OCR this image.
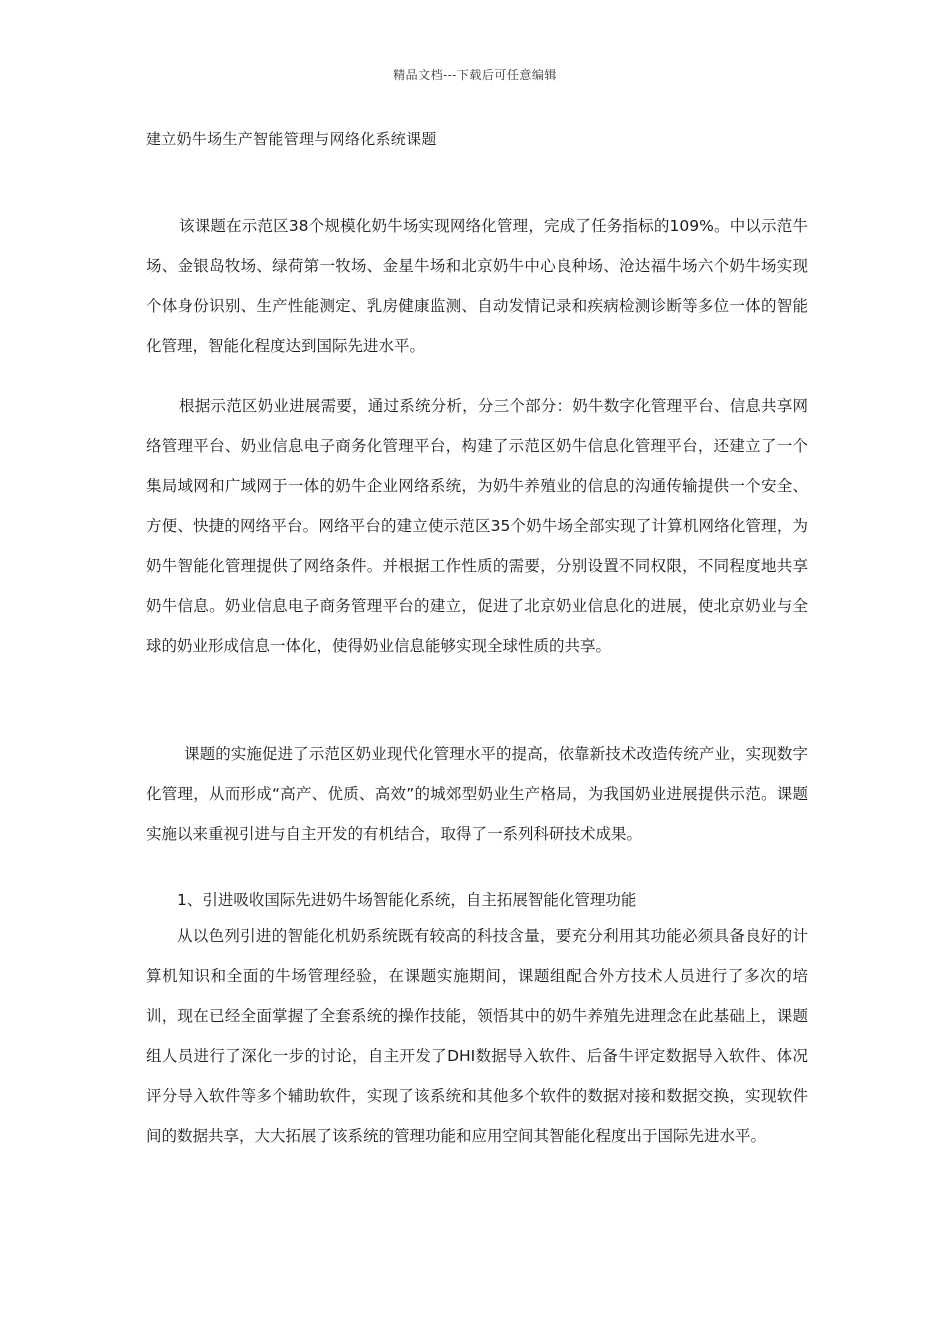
精品文档---下载后可任意编辑
建立奶牛场生产智能管理与网络化系统课题

该课题在示范区38个规模化奶牛场实现网络化管理，完成了任务指标的109%。中以示范牛场、金银岛牧场、绿荷第一牧场、金星牛场和北京奶牛中心良种场、沧达福牛场六个奶牛场实现个体身份识别、生产性能测定、乳房健康监测、自动发情记录和疾病检测诊断等多位一体的智能化管理，智能化程度达到国际先进水平。

根据示范区奶业进展需要，通过系统分析，分三个部分：奶牛数字化管理平台、信息共享网络管理平台、奶业信息电子商务化管理平台，构建了示范区奶牛信息化管理平台，还建立了一个集局域网和广域网于一体的奶牛企业网络系统，为奶牛养殖业的信息的沟通传输提供一个安全、方便、快捷的网络平台。网络平台的建立使示范区35个奶牛场全部实现了计算机网络化管理，为奶牛智能化管理提供了网络条件。并根据工作性质的需要，分别设置不同权限，不同程度地共享奶牛信息。奶业信息电子商务管理平台的建立，促进了北京奶业信息化的进展，使北京奶业与全球的奶业形成信息一体化，使得奶业信息能够实现全球性质的共享。

课题的实施促进了示范区奶业现代化管理水平的提高，依靠新技术改造传统产业，实现数字化管理，从而形成“高产、优质、高效”的城郊型奶业生产格局，为我国奶业进展提供示范。课题实施以来重视引进与自主开发的有机结合，取得了一系列科研技术成果。

1、引进吸收国际先进奶牛场智能化系统，自主拓展智能化管理功能

从以色列引进的智能化机奶系统既有较高的科技含量，要充分利用其功能必须具备良好的计算机知识和全面的牛场管理经验，在课题实施期间，课题组配合外方技术人员进行了多次的培训，现在已经全面掌握了全套系统的操作技能，领悟其中的奶牛养殖先进理念在此基础上，课题组人员进行了深化一步的讨论，自主开发了DHI数据导入软件、后备牛评定数据导入软件、体况评分导入软件等多个辅助软件，实现了该系统和其他多个软件的数据对接和数据交换，实现软件间的数据共享，大大拓展了该系统的管理功能和应用空间其智能化程度出于国际先进水平。
